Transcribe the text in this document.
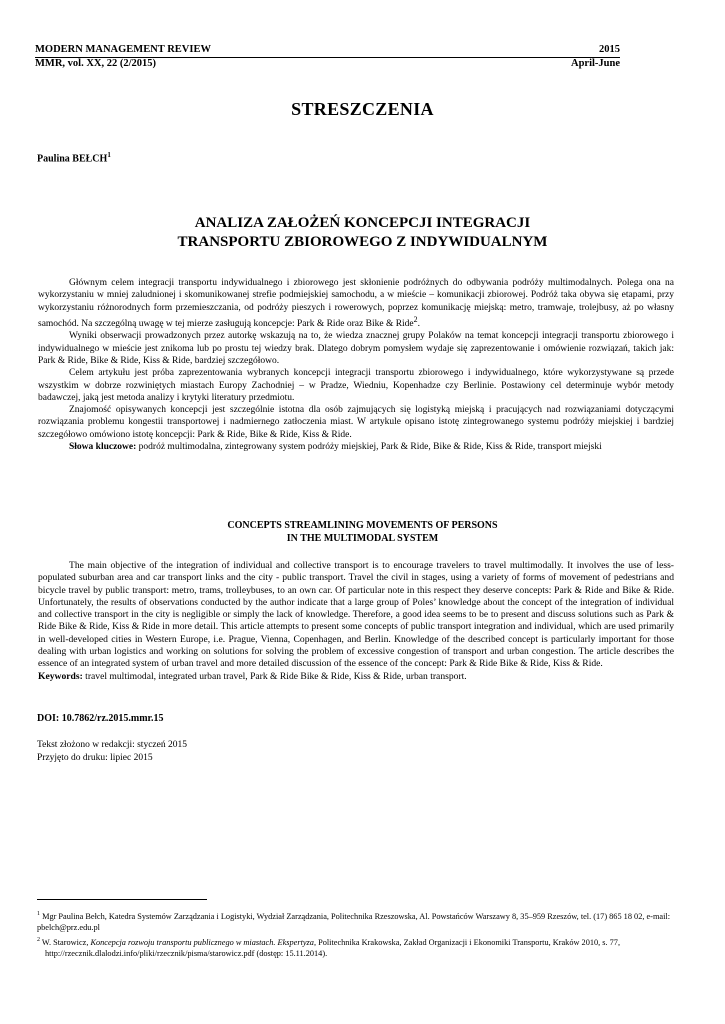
MODERN MANAGEMENT REVIEW	2015
MMR, vol. XX, 22 (2/2015)	April-June
STRESZCZENIA
Paulina BEŁCH$^1$
ANALIZA ZAŁOŻEŃ KONCEPCJI INTEGRACJI
TRANSPORTU ZBIOROWEGO Z INDYWIDUALNYM

Głównym celem integracji transportu indywidualnego i zbiorowego jest skłonienie podróżnych do odbywania podróży multimodalnych. Polega ona na wykorzystaniu w mniej zaludnionej i skomunikowanej strefie podmiejskiej samochodu, a w mieście – komunikacji zbiorowej. Podróż taka obywa się etapami, przy wykorzystaniu różnorodnych form przemieszczania, od podróży pieszych i rowerowych, poprzez komunikację miejską: metro, tramwaje, trolejbusy, aż po własny samochód. Na szczególną uwagę w tej mierze zasługują koncepcje: Park & Ride oraz Bike & Ride$^2$.

Wyniki obserwacji prowadzonych przez autorkę wskazują na to, że wiedza znacznej grupy Polaków na temat koncepcji integracji transportu zbiorowego i indywidualnego w mieście jest znikoma lub po prostu tej wiedzy brak. Dlatego dobrym pomysłem wydaje się zaprezentowanie i omówienie rozwiązań, takich jak: Park & Ride, Bike & Ride, Kiss & Ride, bardziej szczegółowo.

Celem artykułu jest próba zaprezentowania wybranych koncepcji integracji transportu zbiorowego i indywidualnego, które wykorzystywane są przede wszystkim w dobrze rozwiniętych miastach Europy Zachodniej – w Pradze, Wiedniu, Kopenhadze czy Berlinie. Postawiony cel determinuje wybór metody badawczej, jaką jest metoda analizy i krytyki literatury przedmiotu.

Znajomość opisywanych koncepcji jest szczególnie istotna dla osób zajmujących się logistyką miejską i pracujących nad rozwiązaniami dotyczącymi rozwiązania problemu kongestii transportowej i nadmiernego zatłoczenia miast. W artykule opisano istotę zintegrowanego systemu podróży miejskiej i bardziej szczegółowo omówiono istotę koncepcji: Park & Ride, Bike & Ride, Kiss & Ride.

Słowa kluczowe: podróż multimodalna, zintegrowany system podróży miejskiej, Park & Ride, Bike & Ride, Kiss & Ride, transport miejski

CONCEPTS STREAMLINING MOVEMENTS OF PERSONS
IN THE MULTIMODAL SYSTEM

The main objective of the integration of individual and collective transport is to encourage travelers to travel multimodally. It involves the use of less-populated suburban area and car transport links and the city - public transport. Travel the civil in stages, using a variety of forms of movement of pedestrians and bicycle travel by public transport: metro, trams, trolleybuses, to an own car. Of particular note in this respect they deserve concepts: Park & Ride and Bike & Ride. Unfortunately, the results of observations conducted by the author indicate that a large group of Poles’ knowledge about the concept of the integration of individual and collective transport in the city is negligible or simply the lack of knowledge. Therefore, a good idea seems to be to present and discuss solutions such as Park & Ride Bike & Ride, Kiss & Ride in more detail. This article attempts to present some concepts of public transport integration and individual, which are used primarily in well-developed cities in Western Europe, i.e. Prague, Vienna, Copenhagen, and Berlin. Knowledge of the described concept is particularly important for those dealing with urban logistics and working on solutions for solving the problem of excessive congestion of transport and urban congestion. The article describes the essence of an integrated system of urban travel and more detailed discussion of the essence of the concept: Park & Ride Bike & Ride, Kiss & Ride.

Keywords: travel multimodal, integrated urban travel, Park & Ride Bike & Ride, Kiss & Ride, urban transport.

DOI: 10.7862/rz.2015.mmr.15
Tekst złożono w redakcji: styczeń 2015
Przyjęto do druku: lipiec 2015

$^1$ Mgr Paulina Bełch, Katedra Systemów Zarządzania i Logistyki, Wydział Zarządzania, Politechnika Rzeszowska, Al. Powstańców Warszawy 8, 35–959 Rzeszów, tel. (17) 865 18 02, e-mail: pbelch@prz.edu.pl

$^2$ W. Starowicz, Koncepcja rozwoju transportu publicznego w miastach. Ekspertyza, Politechnika Krakowska, Zakład Organizacji i Ekonomiki Transportu, Kraków 2010, s. 77,
http://rzecznik.dlalodzi.info/pliki/rzecznik/pisma/starowicz.pdf (dostęp: 15.11.2014).
